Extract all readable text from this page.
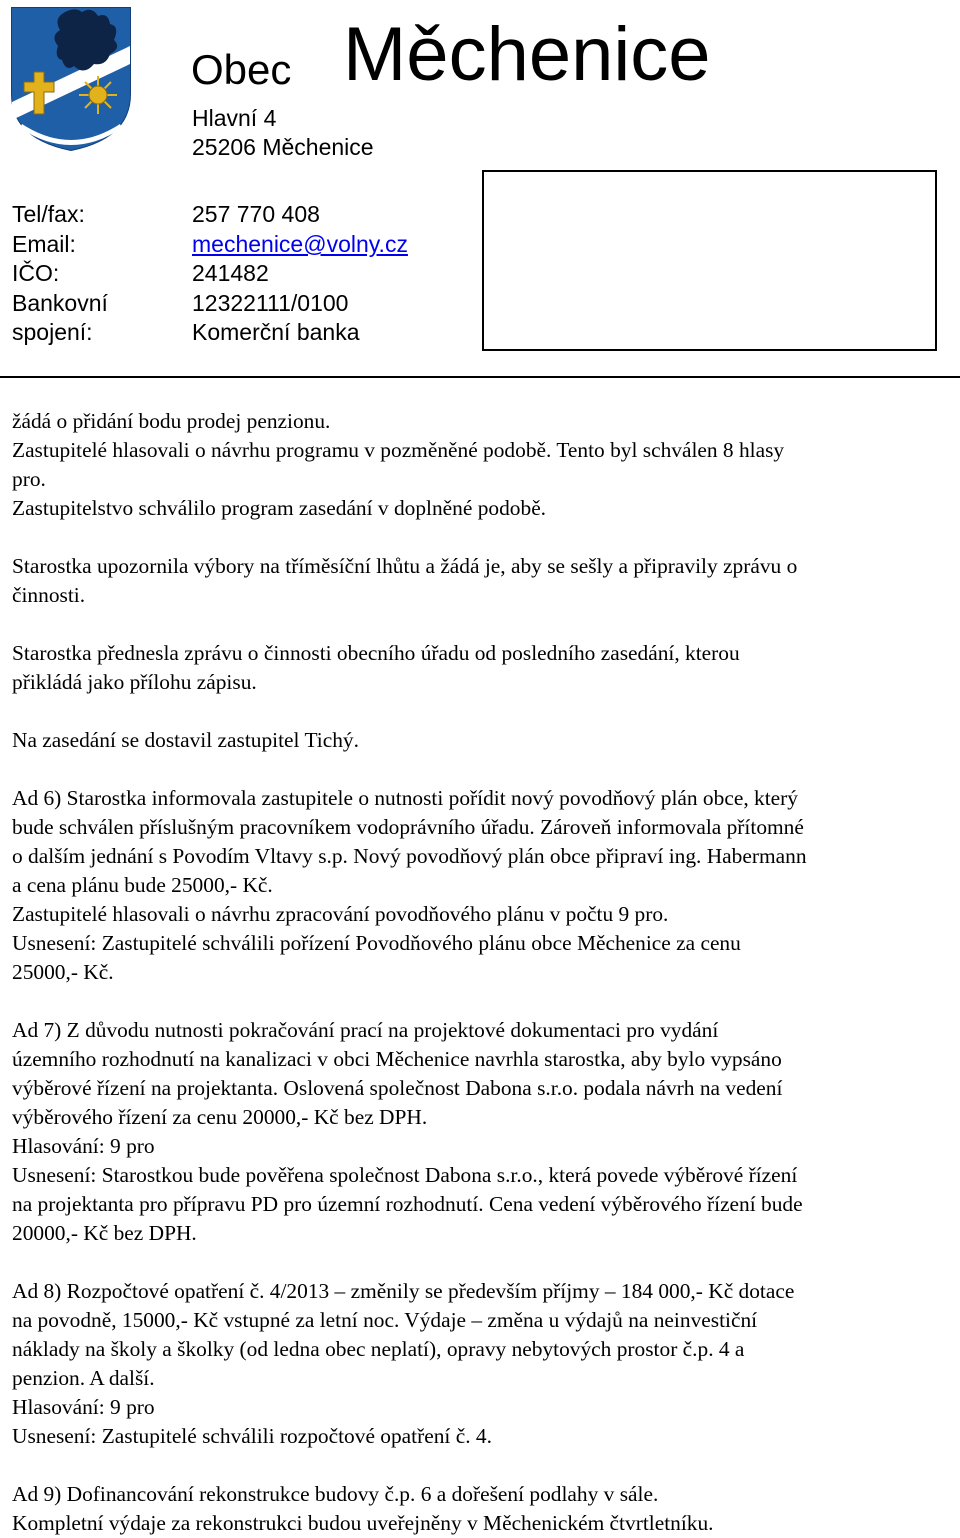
Obec Měchenice
Hlavní 4
25206 Měchenice
Tel/fax:	257 770 408
Email:	mechenice@volny.cz
IČO:	241482
Bankovní	12322111/0100
spojení:	Komerční banka

žádá o přidání bodu prodej penzionu.
Zastupitelé hlasovali o návrhu programu v pozměněné podobě. Tento byl schválen 8 hlasy
pro.
Zastupitelstvo schválilo program zasedání v doplněné podobě.

Starostka upozornila výbory na tříměsíční lhůtu a žádá je, aby se sešly a připravily zprávu o
činnosti.

Starostka přednesla zprávu o činnosti obecního úřadu od posledního zasedání, kterou
přikládá jako přílohu zápisu.

Na zasedání se dostavil zastupitel Tichý.

Ad 6) Starostka informovala zastupitele o nutnosti pořídit nový povodňový plán obce, který
bude schválen příslušným pracovníkem vodoprávního úřadu. Zároveň informovala přítomné
o dalším jednání s Povodím Vltavy s.p. Nový povodňový plán obce připraví ing. Habermann
a cena plánu bude 25000,- Kč.
Zastupitelé hlasovali o návrhu zpracování povodňového plánu v počtu 9 pro.
Usnesení: Zastupitelé schválili pořízení Povodňového plánu obce Měchenice za cenu
25000,- Kč.

Ad 7) Z důvodu nutnosti pokračování prací na projektové dokumentaci pro vydání
územního rozhodnutí na kanalizaci v obci Měchenice navrhla starostka, aby bylo vypsáno
výběrové řízení na projektanta. Oslovená společnost Dabona s.r.o. podala návrh na vedení
výběrového řízení za cenu 20000,- Kč bez DPH.
Hlasování: 9 pro
Usnesení: Starostkou bude pověřena společnost Dabona s.r.o., která povede výběrové řízení
na projektanta pro přípravu PD pro územní rozhodnutí. Cena vedení výběrového řízení bude
20000,- Kč bez DPH.

Ad 8) Rozpočtové opatření č. 4/2013 – změnily se především příjmy – 184 000,- Kč dotace
na povodně, 15000,- Kč vstupné za letní noc. Výdaje – změna u výdajů na neinvestiční
náklady na školy a školky (od ledna obec neplatí), opravy nebytových prostor č.p. 4 a
penzion. A další.
Hlasování: 9 pro
Usnesení: Zastupitelé schválili rozpočtové opatření č. 4.

Ad 9) Dofinancování rekonstrukce budovy č.p. 6 a dořešení podlahy v sále.
Kompletní výdaje za rekonstrukci budou uveřejněny v Měchenickém čtvrtletníku.
